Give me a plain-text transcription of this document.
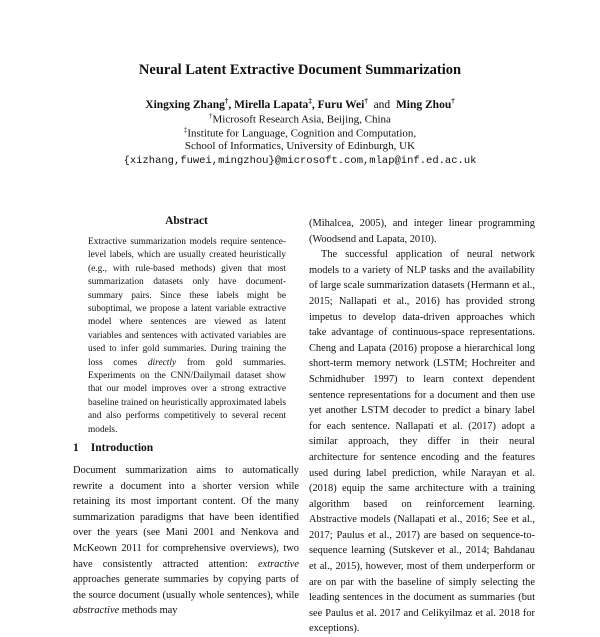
Neural Latent Extractive Document Summarization
Xingxing Zhang†, Mirella Lapata‡, Furu Wei† and Ming Zhou†
†Microsoft Research Asia, Beijing, China
‡Institute for Language, Cognition and Computation,
School of Informatics, University of Edinburgh, UK
{xizhang,fuwei,mingzhou}@microsoft.com,mlap@inf.ed.ac.uk
Abstract
Extractive summarization models require sentence-level labels, which are usually created heuristically (e.g., with rule-based methods) given that most summarization datasets only have document-summary pairs. Since these labels might be suboptimal, we propose a latent variable extractive model where sentences are viewed as latent variables and sentences with activated variables are used to infer gold summaries. During training the loss comes directly from gold summaries. Experiments on the CNN/Dailymail dataset show that our model improves over a strong extractive baseline trained on heuristically approximated labels and also performs competitively to several recent models.
1 Introduction

Document summarization aims to automatically rewrite a document into a shorter version while retaining its most important content. Of the many summarization paradigms that have been identified over the years (see Mani 2001 and Nenkova and McKeown 2011 for comprehensive overviews), two have consistently attracted attention: extractive approaches generate summaries by copying parts of the source document (usually whole sentences), while abstractive methods may

(Mihalcea, 2005), and integer linear programming (Woodsend and Lapata, 2010).

The successful application of neural network models to a variety of NLP tasks and the availability of large scale summarization datasets (Hermann et al., 2015; Nallapati et al., 2016) has provided strong impetus to develop data-driven approaches which take advantage of continuous-space representations. Cheng and Lapata (2016) propose a hierarchical long short-term memory network (LSTM; Hochreiter and Schmidhuber 1997) to learn context dependent sentence representations for a document and then use yet another LSTM decoder to predict a binary label for each sentence. Nallapati et al. (2017) adopt a similar approach, they differ in their neural architecture for sentence encoding and the features used during label prediction, while Narayan et al. (2018) equip the same architecture with a training algorithm based on reinforcement learning. Abstractive models (Nallapati et al., 2016; See et al., 2017; Paulus et al., 2017) are based on sequence-to-sequence learning (Sutskever et al., 2014; Bahdanau et al., 2015), however, most of them underperform or are on par with the baseline of simply selecting the leading sentences in the document as summaries (but see Paulus et al. 2017 and Celikyilmaz et al. 2018 for exceptions).
